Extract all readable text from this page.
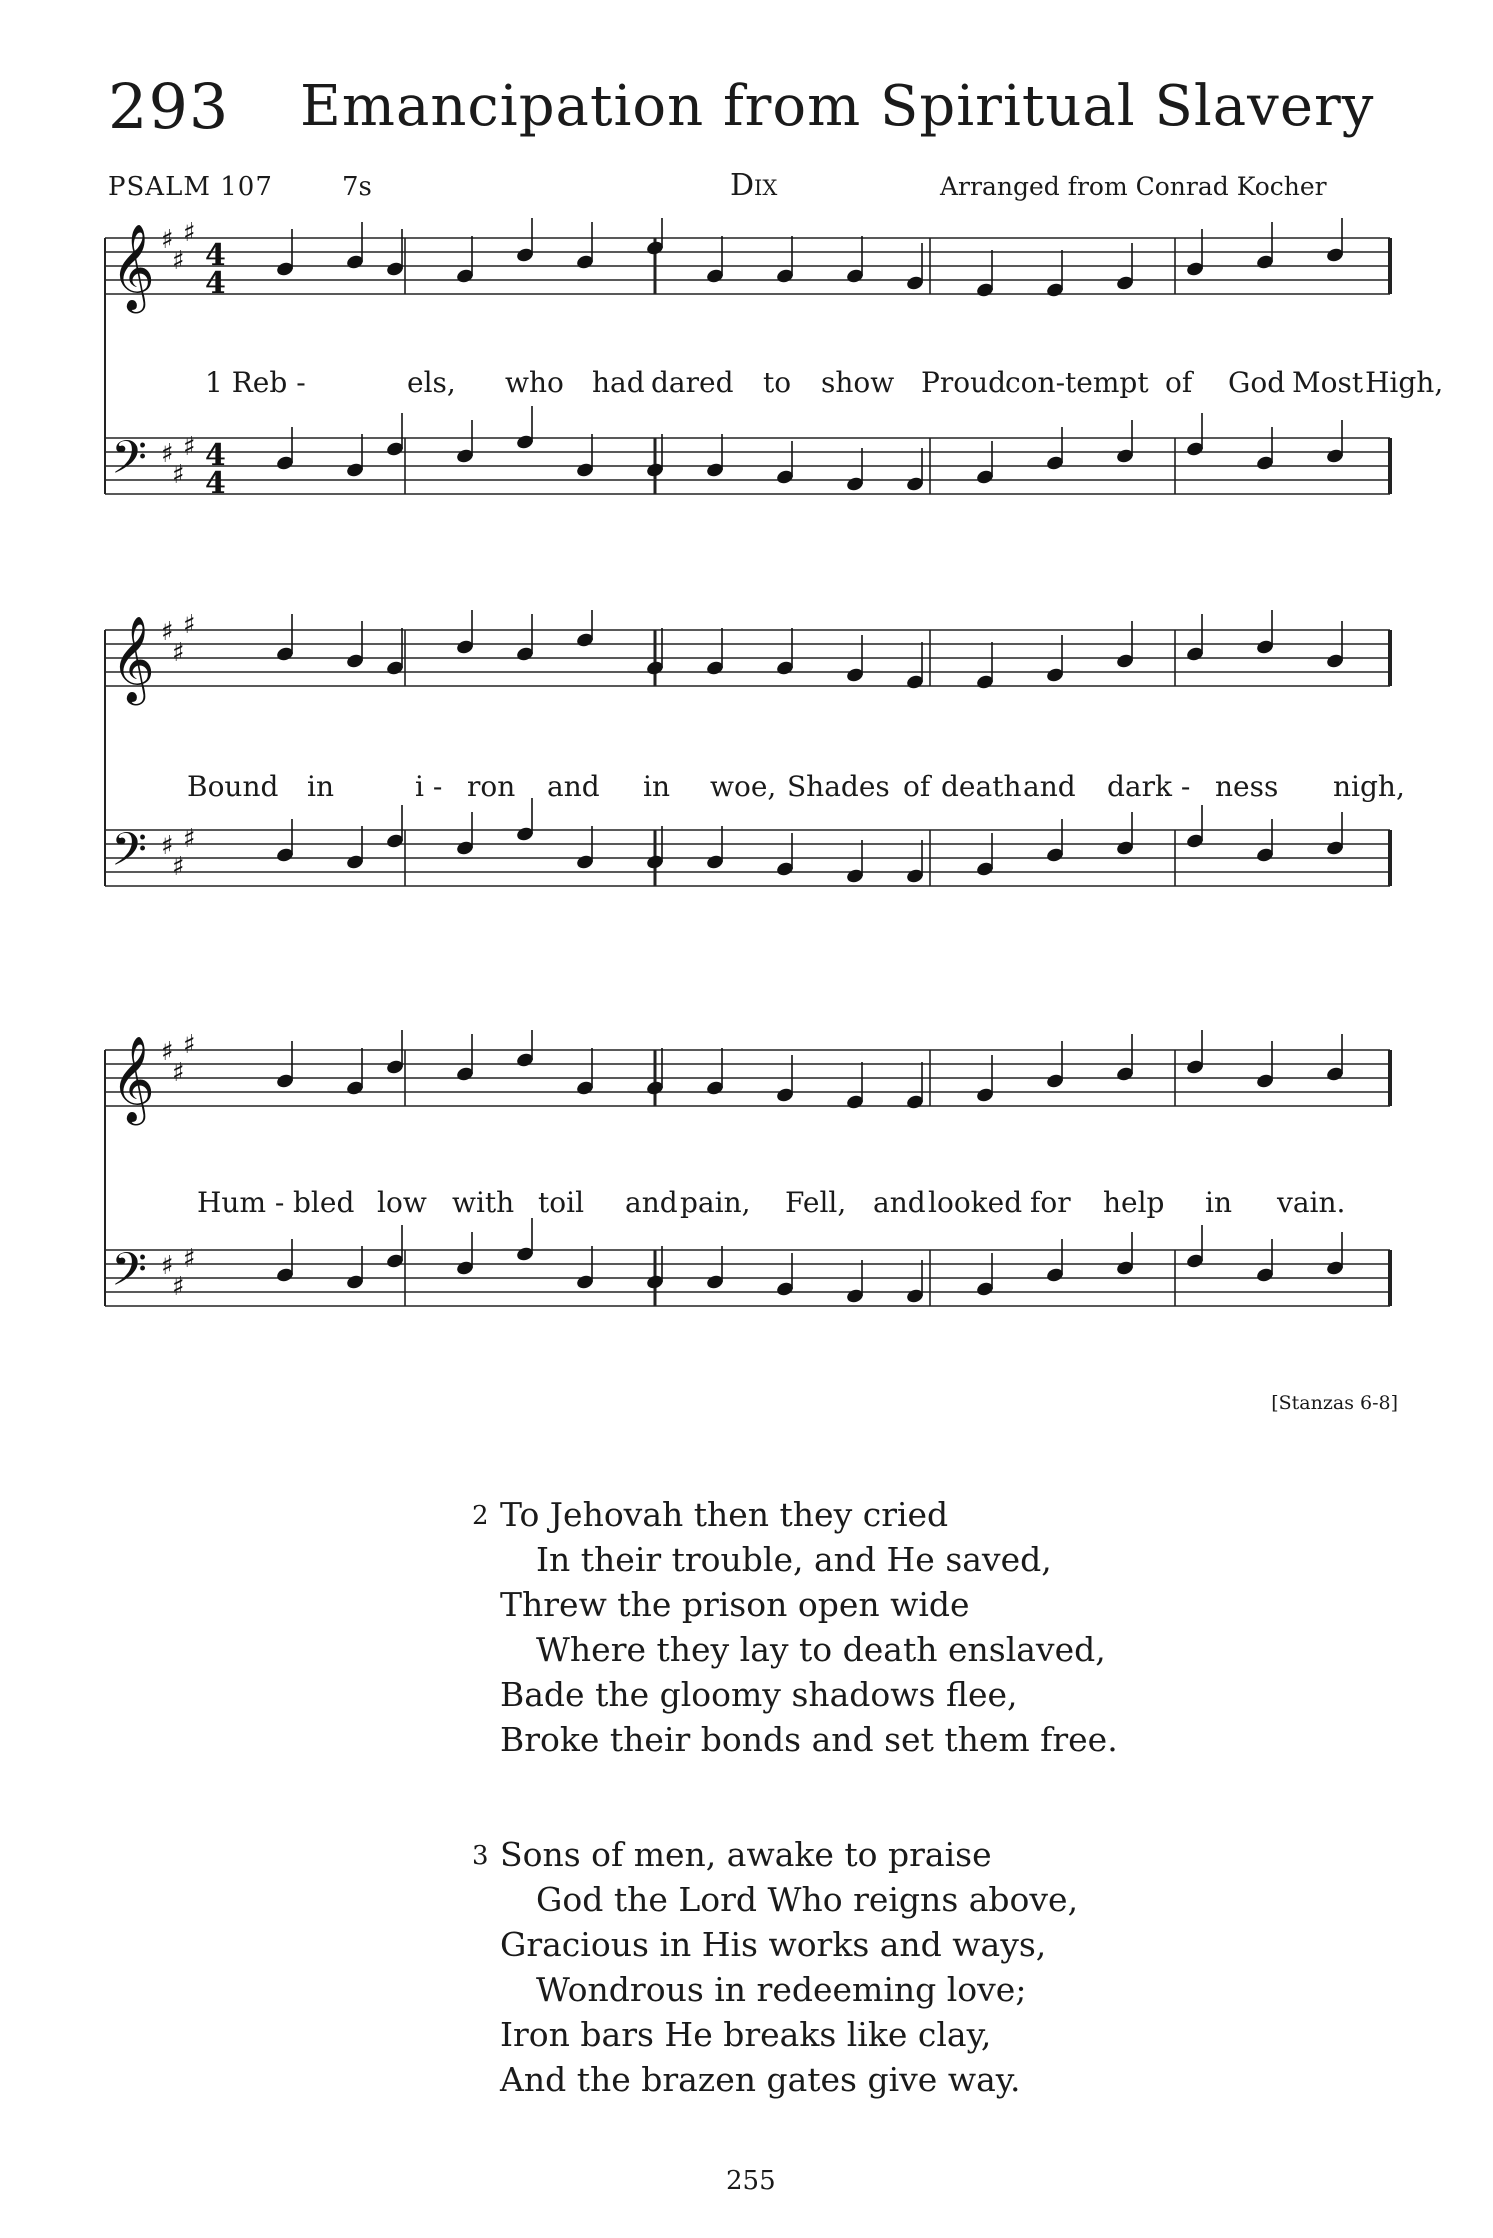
293 Emancipation from Spiritual Slavery
PSALM 107	7s	Dix	Arranged from Conrad Kocher
𝄞 ♯
♯
♯
4
4
𝄢 ♯
♯
♯ 4
4
1 Reb -	els, who had dared to show Proud
con-tempt of God Most High,
𝄞 ♯
♯
♯
𝄢 ♯
♯
♯
Bound in	i - ron and in woe, Shades of death and dark - ness nigh,
𝄞 ♯
♯
♯
𝄢 ♯
♯
♯
Hum - bled low with toil and pain, Fell, and looked for help in vain.
[Stanzas 6-8]
2 To Jehovah then they cried
In their trouble, and He saved,
Threw the prison open wide
Where they lay to death enslaved,
Bade the gloomy shadows flee,
Broke their bonds and set them free.
3 Sons of men, awake to praise
God the Lord Who reigns above,
Gracious in His works and ways,
Wondrous in redeeming love;
Iron bars He breaks like clay,
And the brazen gates give way.
255
